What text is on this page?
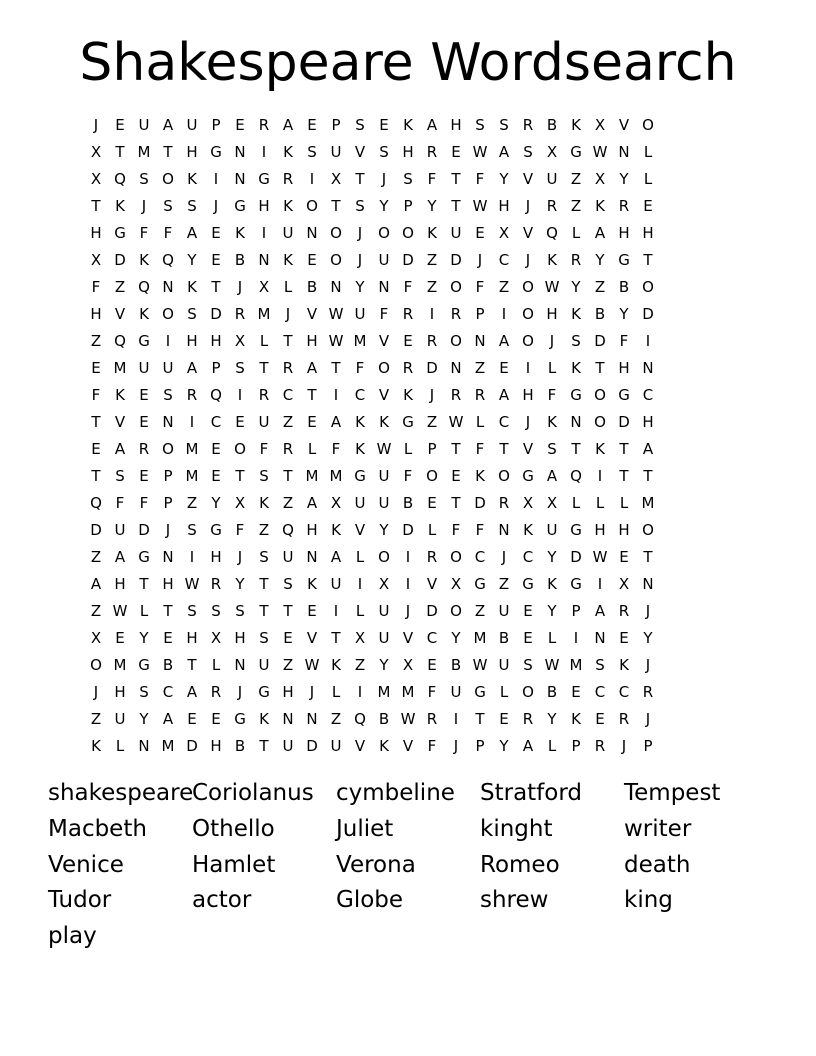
Shakespeare Wordsearch
J	E U A U P E R A E P S E K A H S S R B K X V O
X T M T H G N	I	K S U V S H R E W A S X G W N L
X Q S O K	I	N G R	I	X T	J	S F	T	F	Y V U Z X Y	L
T K	J	S S	J	G H K O T S Y P Y T W H	J	R Z K R E
H G F	F A E K	I	U N O	J	O O K U E X V Q L A H H
X D K Q Y E B N K E O	J	U D Z D	J	C	J	K R Y G T
F Z Q N K T	J	X L B N Y N F Z O F Z O W Y Z B O
H V K O S D R M	J	V W U F R	I	R P	I	O H K B Y D
Z Q G	I	H H X L	T H W M V E R O N A O	J	S D F	I
E M U U A P S T R A T	F O R D N Z E	I	L K T H N
F K E S R Q	I	R C T	I	C V K	J	R R A H F G O G C
T V E N	I	C E U Z E A K K G Z W L C	J	K N O D H
E A R O M E O F R L	F K W L	P T	F	T V S T K T A
T S E P M E T S T M M G U F O E K O G A Q	I	T T
Q F	F	P Z Y X K Z A X U U B E T D R X X L	L	L M
D U D	J	S G F Z Q H K V Y D L	F	F N K U G H H O
Z A G N	I	H	J	S U N A L O	I	R O C	J	C Y D W E T
A H T H W R Y T S K U	I	X	I	V X G Z G K G	I	X N
Z W L	T S S S T T E	I	L U	J	D O Z U E Y P A R	J
X E Y E H X H S E V T X U V C Y M B E	L	I	N E Y
O M G B T	L N U Z W K Z Y X E B W U S W M S K	J
J	H S C A R	J	G H	J	L	I	M M F U G L O B E C C R
Z U Y A E E G K N N Z Q B W R	I	T E R Y K E R	J
K L N M D H B T U D U V K V F	J	P Y A L	P R	J	P
shakespeare
Coriolanus cymbeline	Stratford	Tempest
Macbeth	Othello	Juliet	kinght	writer
Venice	Hamlet	Verona	Romeo	death
Tudor	actor	Globe	shrew	king
play
